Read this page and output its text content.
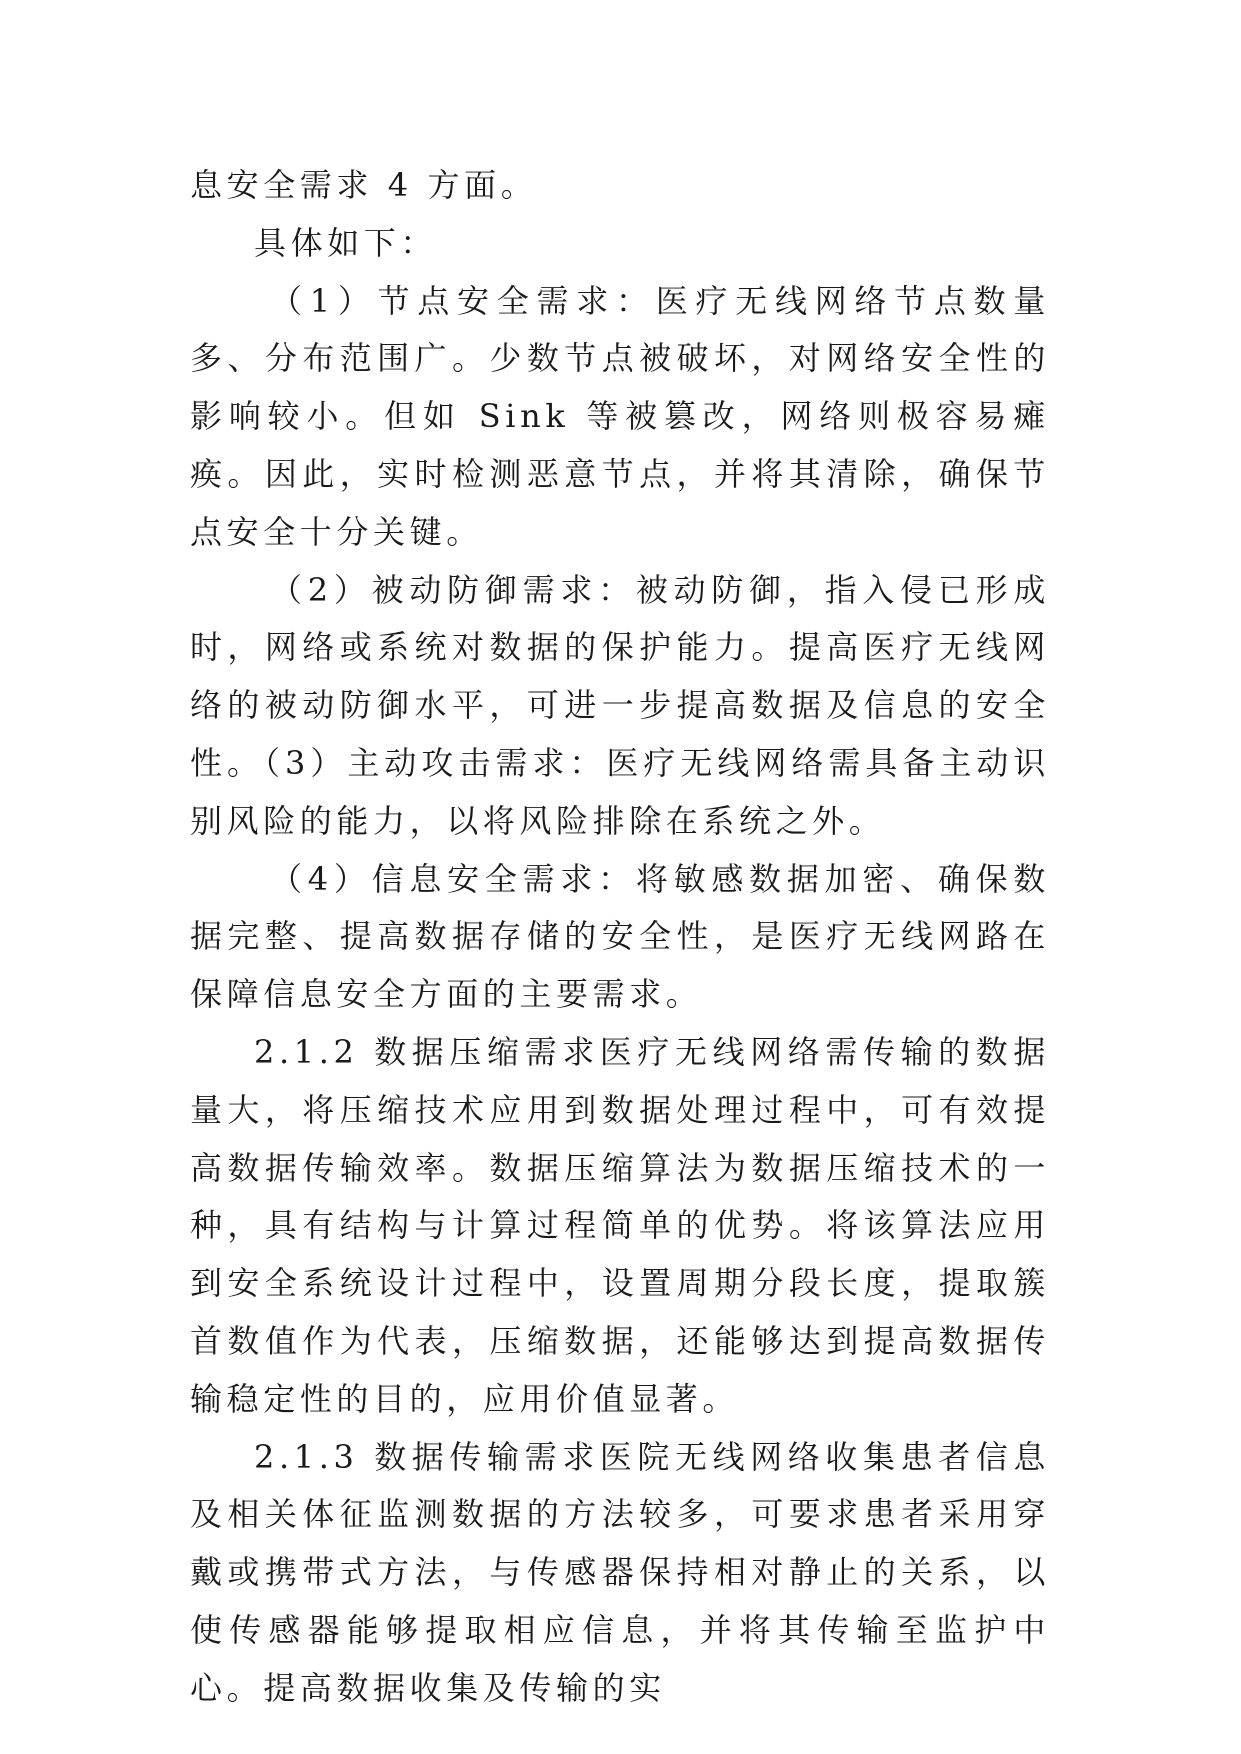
息安全需求 4 方面。

具体如下：

（1）节点安全需求：医疗无线网络节点数量多、分布范围广。少数节点被破坏，对网络安全性的影响较小。但如 Sink 等被篡改，网络则极容易瘫痪。因此，实时检测恶意节点，并将其清除，确保节点安全十分关键。

（2）被动防御需求：被动防御，指入侵已形成时，网络或系统对数据的保护能力。提高医疗无线网络的被动防御水平，可进一步提高数据及信息的安全性。（3）主动攻击需求：医疗无线网络需具备主动识别风险的能力，以将风险排除在系统之外。

（4）信息安全需求：将敏感数据加密、确保数据完整、提高数据存储的安全性，是医疗无线网路在保障信息安全方面的主要需求。

2.1.2 数据压缩需求医疗无线网络需传输的数据量大，将压缩技术应用到数据处理过程中，可有效提高数据传输效率。数据压缩算法为数据压缩技术的一种，具有结构与计算过程简单的优势。将该算法应用到安全系统设计过程中，设置周期分段长度，提取簇首数值作为代表，压缩数据，还能够达到提高数据传输稳定性的目的，应用价值显著。

2.1.3 数据传输需求医院无线网络收集患者信息及相关体征监测数据的方法较多，可要求患者采用穿戴或携带式方法，与传感器保持相对静止的关系，以使传感器能够提取相应信息，并将其传输至监护中心。提高数据收集及传输的实
